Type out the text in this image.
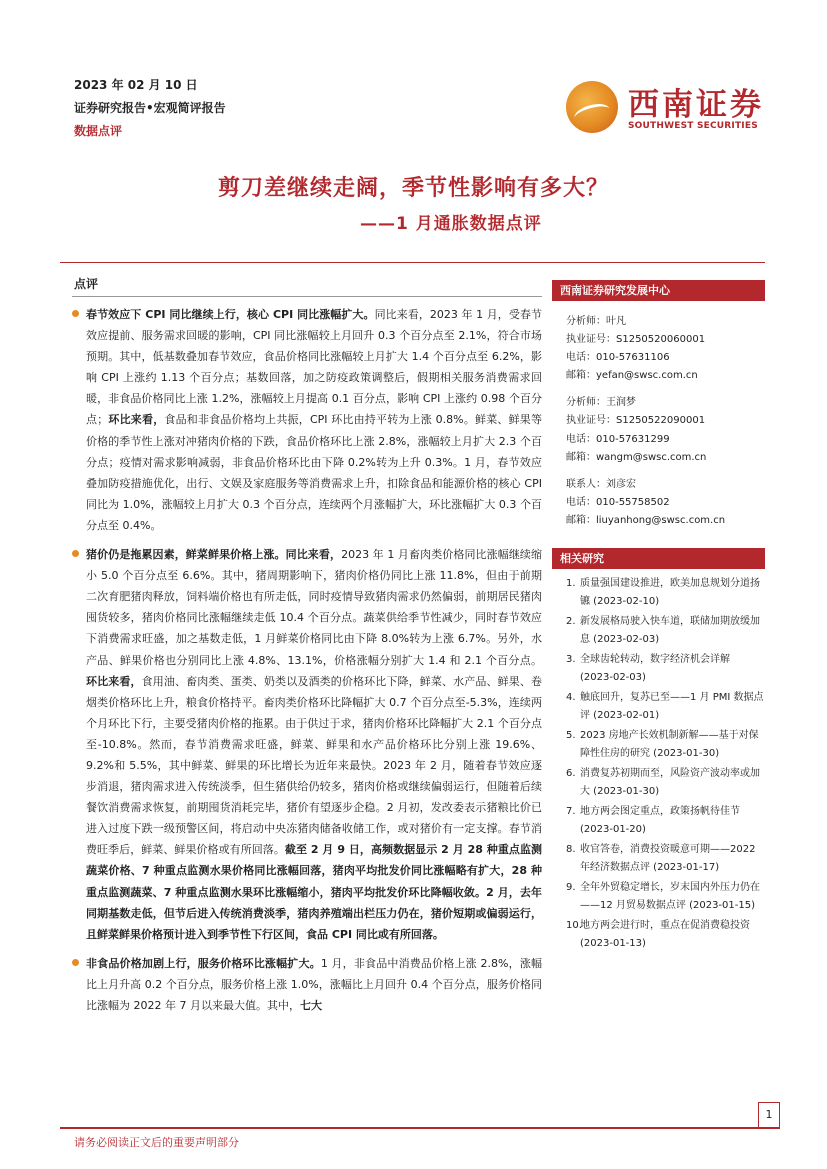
2023 年 02 月 10 日
证券研究报告•宏观简评报告
数据点评
西南证券
SOUTHWEST SECURITIES
剪刀差继续走阔，季节性影响有多大？
——1 月通胀数据点评
点评

春节效应下 CPI 同比继续上行，核心 CPI 同比涨幅扩大。同比来看，2023 年 1 月，受春节效应提前、服务需求回暖的影响，CPI 同比涨幅较上月回升 0.3 个百分点至 2.1%，符合市场预期。其中，低基数叠加春节效应，食品价格同比涨幅较上月扩大 1.4 个百分点至 6.2%，影响 CPI 上涨约 1.13 个百分点；基数回落，加之防疫政策调整后，假期相关服务消费需求回暖，非食品价格同比上涨 1.2%，涨幅较上月提高 0.1 百分点，影响 CPI 上涨约 0.98 个百分点；环比来看，食品和非食品价格均上共振，CPI 环比由持平转为上涨 0.8%。鲜菜、鲜果等价格的季节性上涨对冲猪肉价格的下跌，食品价格环比上涨 2.8%，涨幅较上月扩大 2.3 个百分点；疫情对需求影响减弱，非食品价格环比由下降 0.2%转为上升 0.3%。1 月，春节效应叠加防疫措施优化，出行、文娱及家庭服务等消费需求上升，扣除食品和能源价格的核心 CPI 同比为 1.0%，涨幅较上月扩大 0.3 个百分点，连续两个月涨幅扩大，环比涨幅扩大 0.3 个百分点至 0.4%。

猪价仍是拖累因素，鲜菜鲜果价格上涨。同比来看，2023 年 1 月畜肉类价格同比涨幅继续缩小 5.0 个百分点至 6.6%。其中，猪周期影响下，猪肉价格仍同比上涨 11.8%，但由于前期二次育肥猪肉释放，饲料端价格也有所走低，同时疫情导致猪肉需求仍然偏弱，前期居民猪肉囤货较多，猪肉价格同比涨幅继续走低 10.4 个百分点。蔬菜供给季节性减少，同时春节效应下消费需求旺盛，加之基数走低，1 月鲜菜价格同比由下降 8.0%转为上涨 6.7%。另外，水产品、鲜果价格也分别同比上涨 4.8%、13.1%，价格涨幅分别扩大 1.4 和 2.1 个百分点。环比来看，食用油、畜肉类、蛋类、奶类以及酒类的价格环比下降，鲜菜、水产品、鲜果、卷烟类价格环比上升，粮食价格持平。畜肉类价格环比降幅扩大 0.7 个百分点至-5.3%，连续两个月环比下行，主要受猪肉价格的拖累。由于供过于求，猪肉价格环比降幅扩大 2.1 个百分点至-10.8%。然而，春节消费需求旺盛，鲜菜、鲜果和水产品价格环比分别上涨 19.6%、9.2%和 5.5%，其中鲜菜、鲜果的环比增长为近年来最快。2023 年 2 月，随着春节效应逐步消退，猪肉需求进入传统淡季，但生猪供给仍较多，猪肉价格或继续偏弱运行，但随着后续餐饮消费需求恢复，前期囤货消耗完毕，猪价有望逐步企稳。2 月初，发改委表示猪粮比价已进入过度下跌一级预警区间，将启动中央冻猪肉储备收储工作，或对猪价有一定支撑。春节消费旺季后，鲜菜、鲜果价格或有所回落。截至 2 月 9 日，高频数据显示 2 月 28 种重点监测蔬菜价格、7 种重点监测水果价格同比涨幅回落，猪肉平均批发价同比涨幅略有扩大，28 种重点监测蔬菜、7 种重点监测水果环比涨幅缩小，猪肉平均批发价环比降幅收敛。2 月，去年同期基数走低，但节后进入传统消费淡季，猪肉养殖端出栏压力仍在，猪价短期或偏弱运行，且鲜菜鲜果价格预计进入到季节性下行区间，食品 CPI 同比或有所回落。

非食品价格加剧上行，服务价格环比涨幅扩大。1 月，非食品中消费品价格上涨 2.8%，涨幅比上月升高 0.2 个百分点，服务价格上涨 1.0%，涨幅比上月回升 0.4 个百分点，服务价格同比涨幅为 2022 年 7 月以来最大值。其中，七大

西南证券研究发展中心
分析师：叶凡
执业证号：S1250520060001
电话：010-57631106
邮箱：yefan@swsc.com.cn
分析师：王润梦
执业证号：S1250522090001
电话：010-57631299
邮箱：wangm@swsc.com.cn
联系人：刘彦宏
电话：010-55758502
邮箱：liuyanhong@swsc.com.cn
相关研究
1. 质量强国建设推进，欧美加息规划分道扬镳 (2023-02-10)
2. 新发展格局驶入快车道，联储加期放缓加息 (2023-02-03)
3. 全球齿轮转动，数字经济机会详解 (2023-02-03)
4. 触底回升，复苏已至——1 月 PMI 数据点评 (2023-02-01)
5. 2023 房地产长效机制新解——基于对保障性住房的研究 (2023-01-30)
6. 消费复苏初期而至，风险资产波动率或加大 (2023-01-30)
7. 地方两会图定重点，政策扬帆待佳节 (2023-01-20)
8. 收官答卷，消费投资暖意可期——2022 年经济数据点评 (2023-01-17)
9. 全年外贸稳定增长，岁末国内外压力仍在——12 月贸易数据点评 (2023-01-15)
10.
地方两会进行时，重点在促消费稳投资 (2023-01-13)
1
请务必阅读正文后的重要声明部分
